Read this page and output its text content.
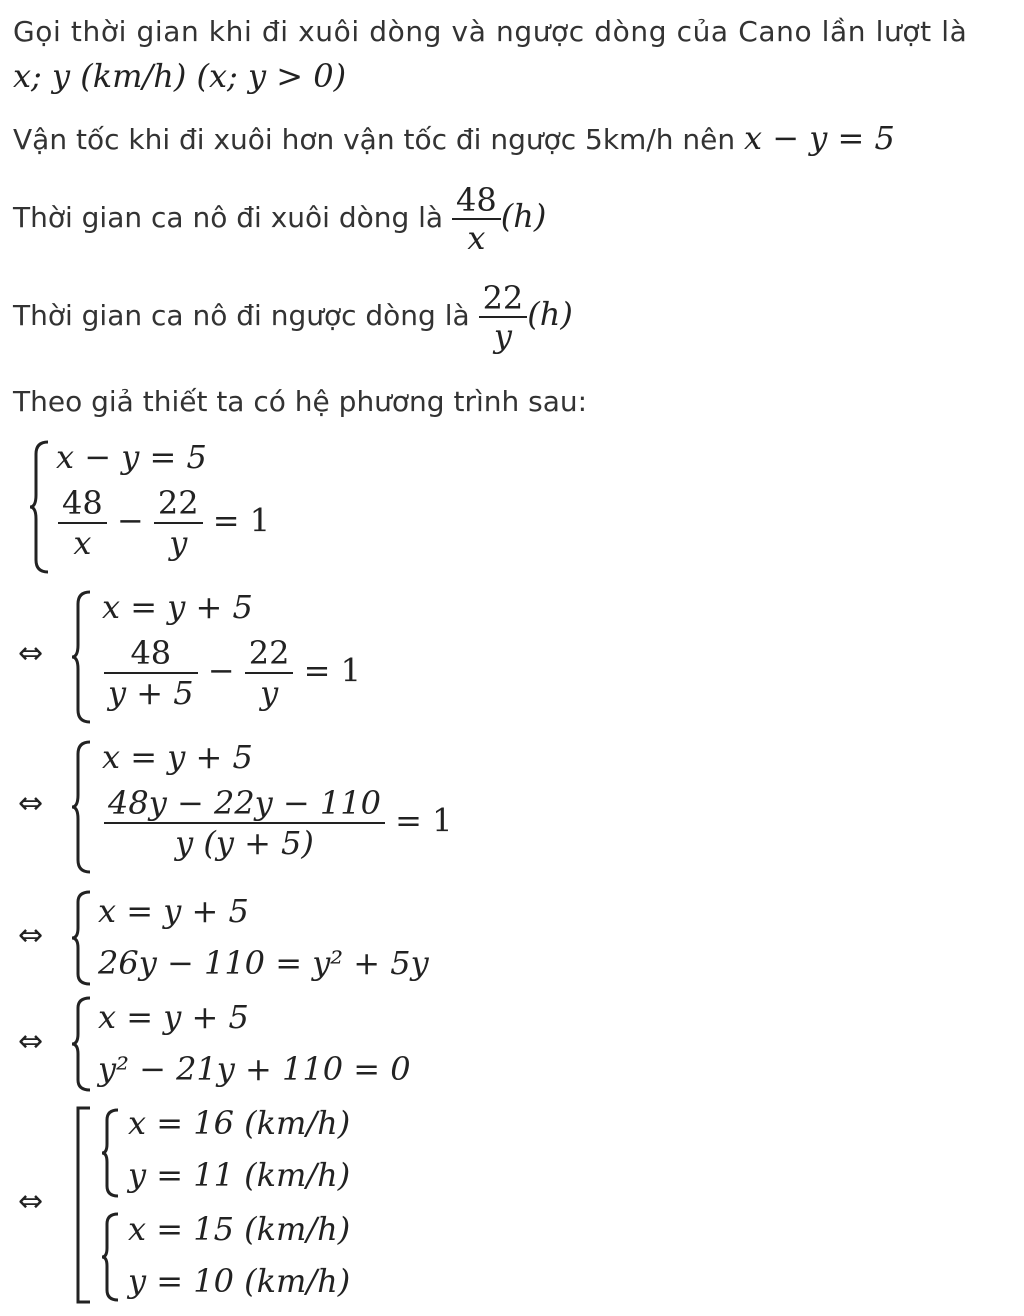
Gọi thời gian khi đi xuôi dòng và ngược dòng của Cano lần lượt là
x; y (km/h) (x; y > 0)
Vận tốc khi đi xuôi hơn vận tốc đi ngược 5km/h nên x − y = 5
Thời gian ca nô đi xuôi dòng là $\frac{48}{x} (h)$
Thời gian ca nô đi ngược dòng là $\frac{22}{y} (h)$
Theo giả thiết ta có hệ phương trình sau:
x − y = 5
$\frac{48}{x} - \frac{22}{y} = 1$
⇔
x = y + 5
$\frac{48}{y + 5} - \frac{22}{y} = 1$
⇔
x = y + 5
$\frac{48y - 22y - 110}{y (y + 5)} = 1$
⇔
x = y + 5
26y − 110 = y² + 5y
⇔
x = y + 5
y² − 21y + 110 = 0
⇔
x = 16 (km/h)
y = 11 (km/h)
x = 15 (km/h)
y = 10 (km/h)
